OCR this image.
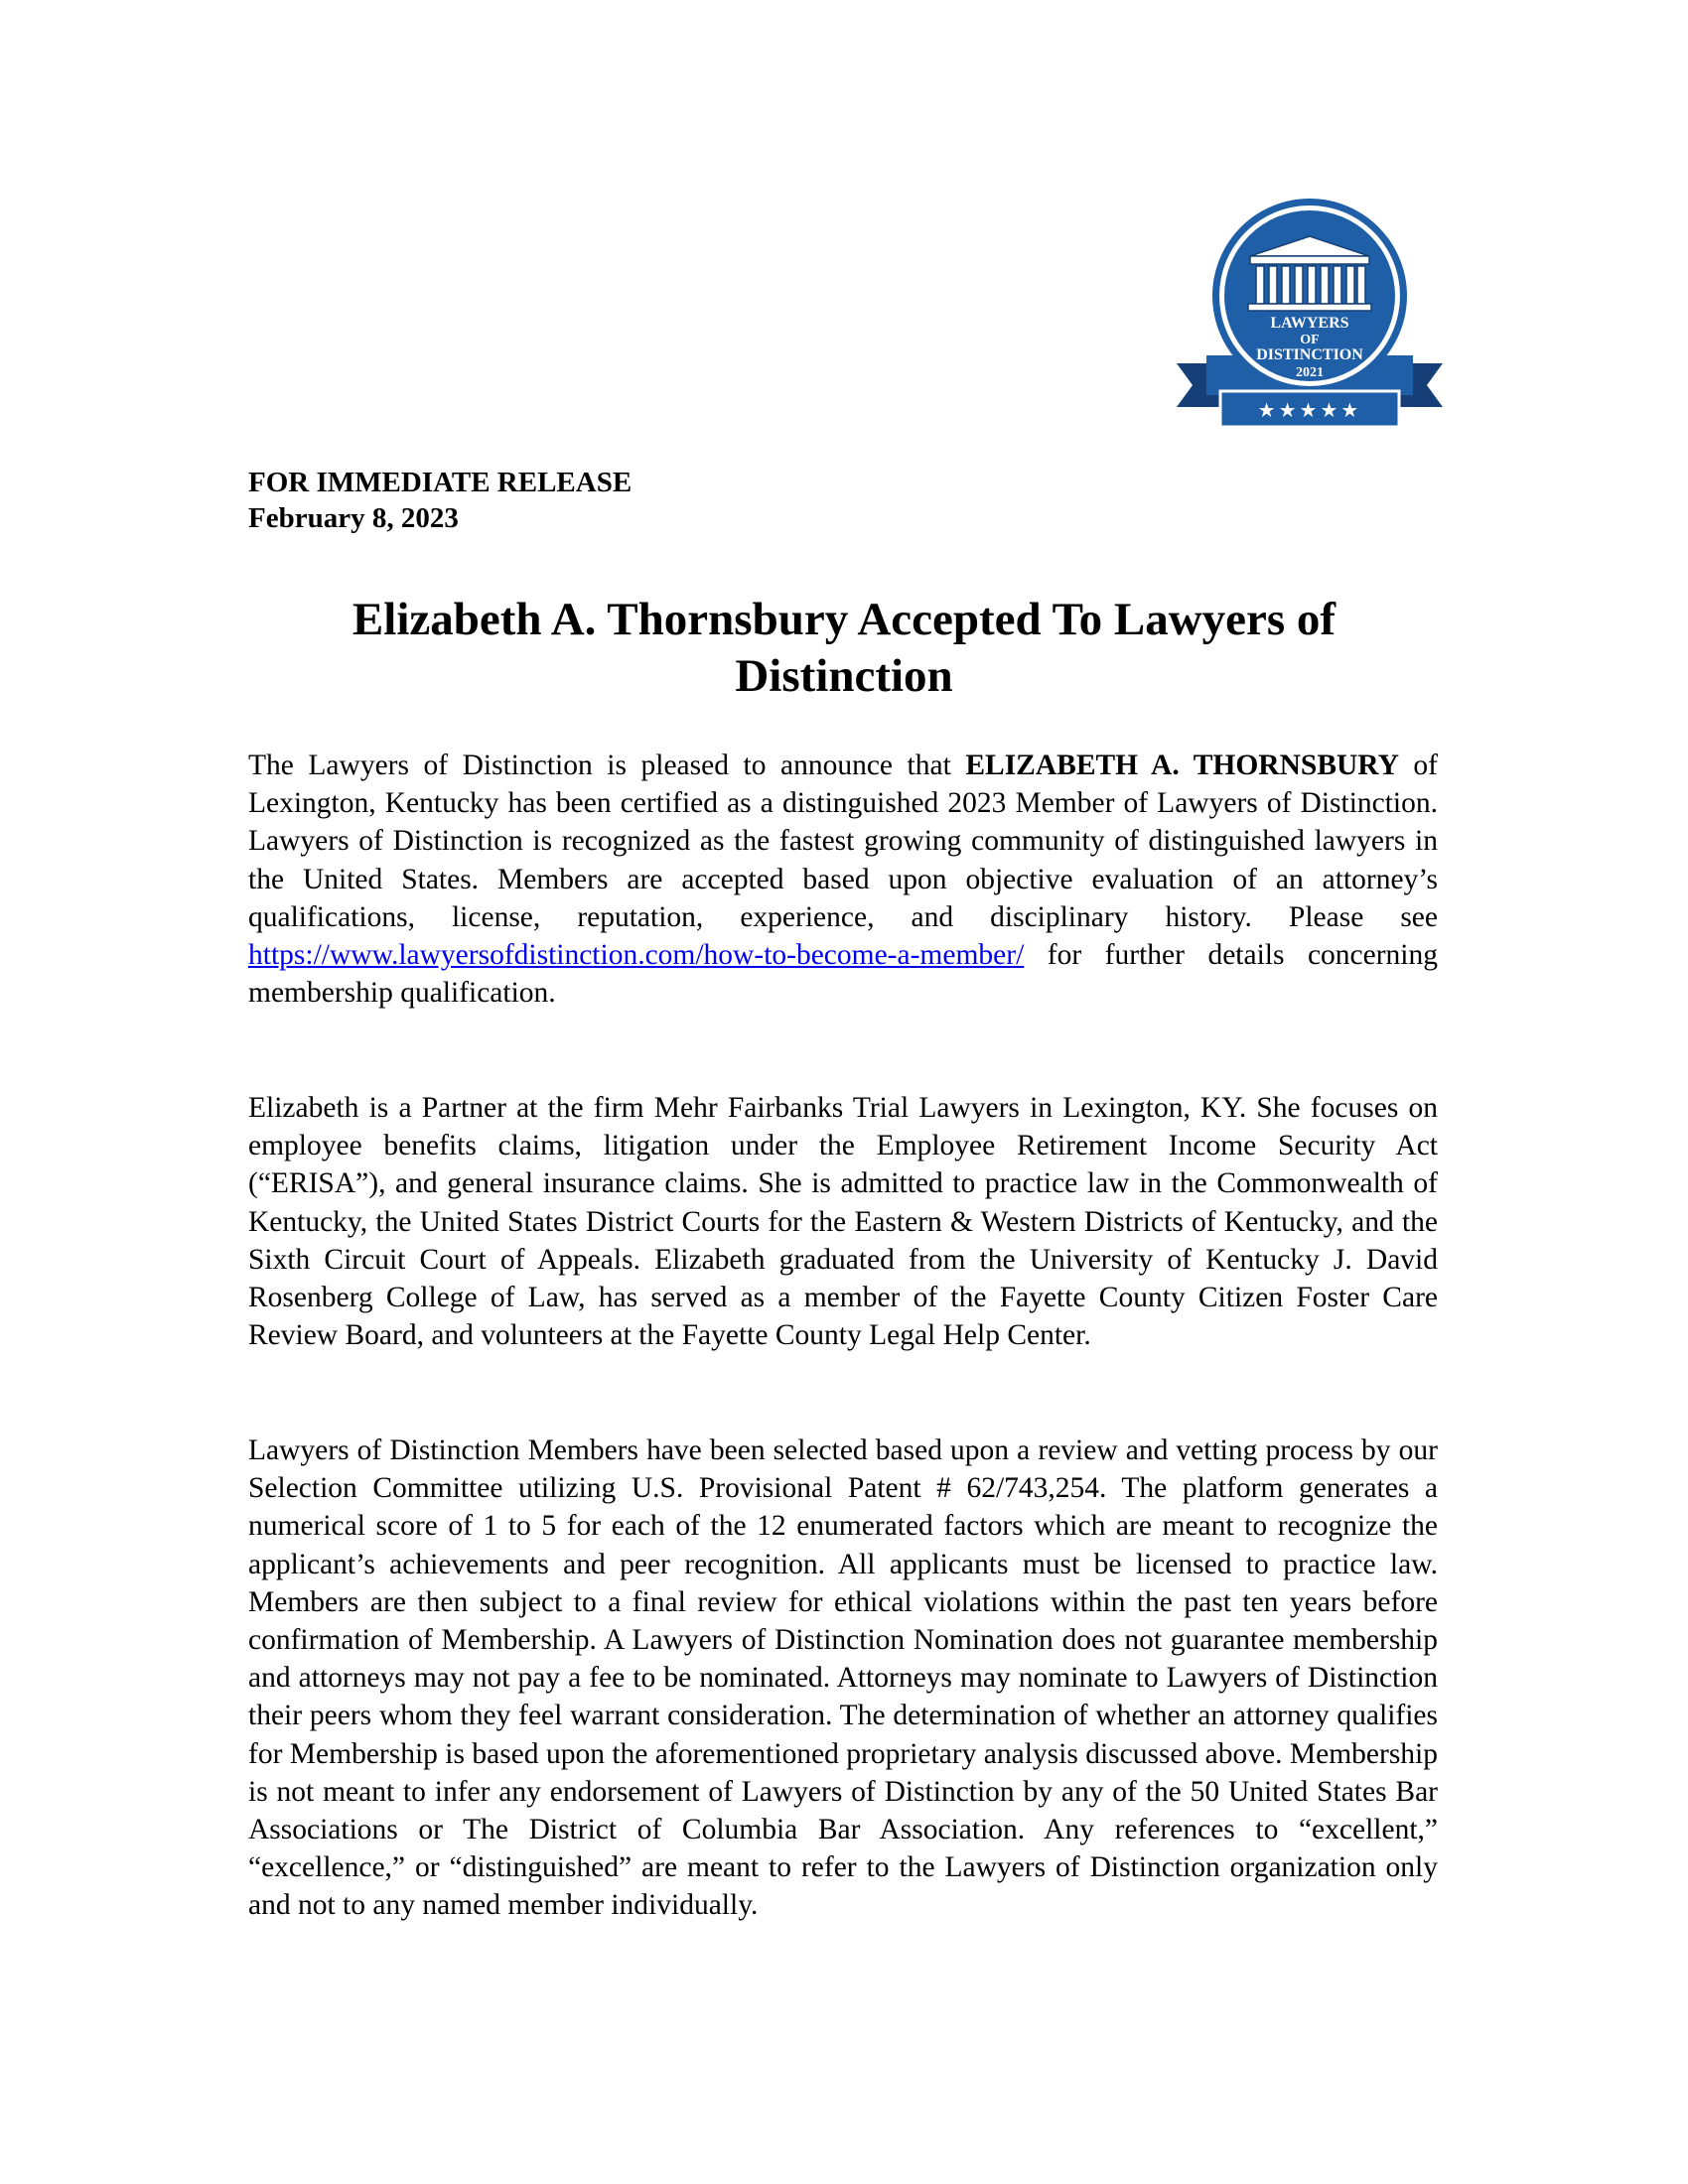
LAWYERS
OF
DISTINCTION
2021
★★★★★
FOR IMMEDIATE RELEASE
February 8, 2023
Elizabeth A. Thornsbury Accepted To Lawyers of Distinction
The Lawyers of Distinction is pleased to announce that ELIZABETH A. THORNSBURY of Lexington, Kentucky has been certified as a distinguished 2023 Member of Lawyers of Distinction. Lawyers of Distinction is recognized as the fastest growing community of distinguished lawyers in the United States. Members are accepted based upon objective evaluation of an attorney’s qualifications, license, reputation, experience, and disciplinary history. Please see https://www.lawyersofdistinction.com/how-to-become-a-member/ for further details concerning membership qualification.
Elizabeth is a Partner at the firm Mehr Fairbanks Trial Lawyers in Lexington, KY. She focuses on employee benefits claims, litigation under the Employee Retirement Income Security Act (“ERISA”), and general insurance claims. She is admitted to practice law in the Commonwealth of Kentucky, the United States District Courts for the Eastern & Western Districts of Kentucky, and the Sixth Circuit Court of Appeals. Elizabeth graduated from the University of Kentucky J. David Rosenberg College of Law, has served as a member of the Fayette County Citizen Foster Care Review Board, and volunteers at the Fayette County Legal Help Center.
Lawyers of Distinction Members have been selected based upon a review and vetting process by our Selection Committee utilizing U.S. Provisional Patent # 62/743,254. The platform generates a numerical score of 1 to 5 for each of the 12 enumerated factors which are meant to recognize the applicant’s achievements and peer recognition. All applicants must be licensed to practice law. Members are then subject to a final review for ethical violations within the past ten years before confirmation of Membership. A Lawyers of Distinction Nomination does not guarantee membership and attorneys may not pay a fee to be nominated. Attorneys may nominate to Lawyers of Distinction their peers whom they feel warrant consideration. The determination of whether an attorney qualifies for Membership is based upon the aforementioned proprietary analysis discussed above. Membership is not meant to infer any endorsement of Lawyers of Distinction by any of the 50 United States Bar Associations or The District of Columbia Bar Association. Any references to “excellent,” “excellence,” or “distinguished” are meant to refer to the Lawyers of Distinction organization only and not to any named member individually.
